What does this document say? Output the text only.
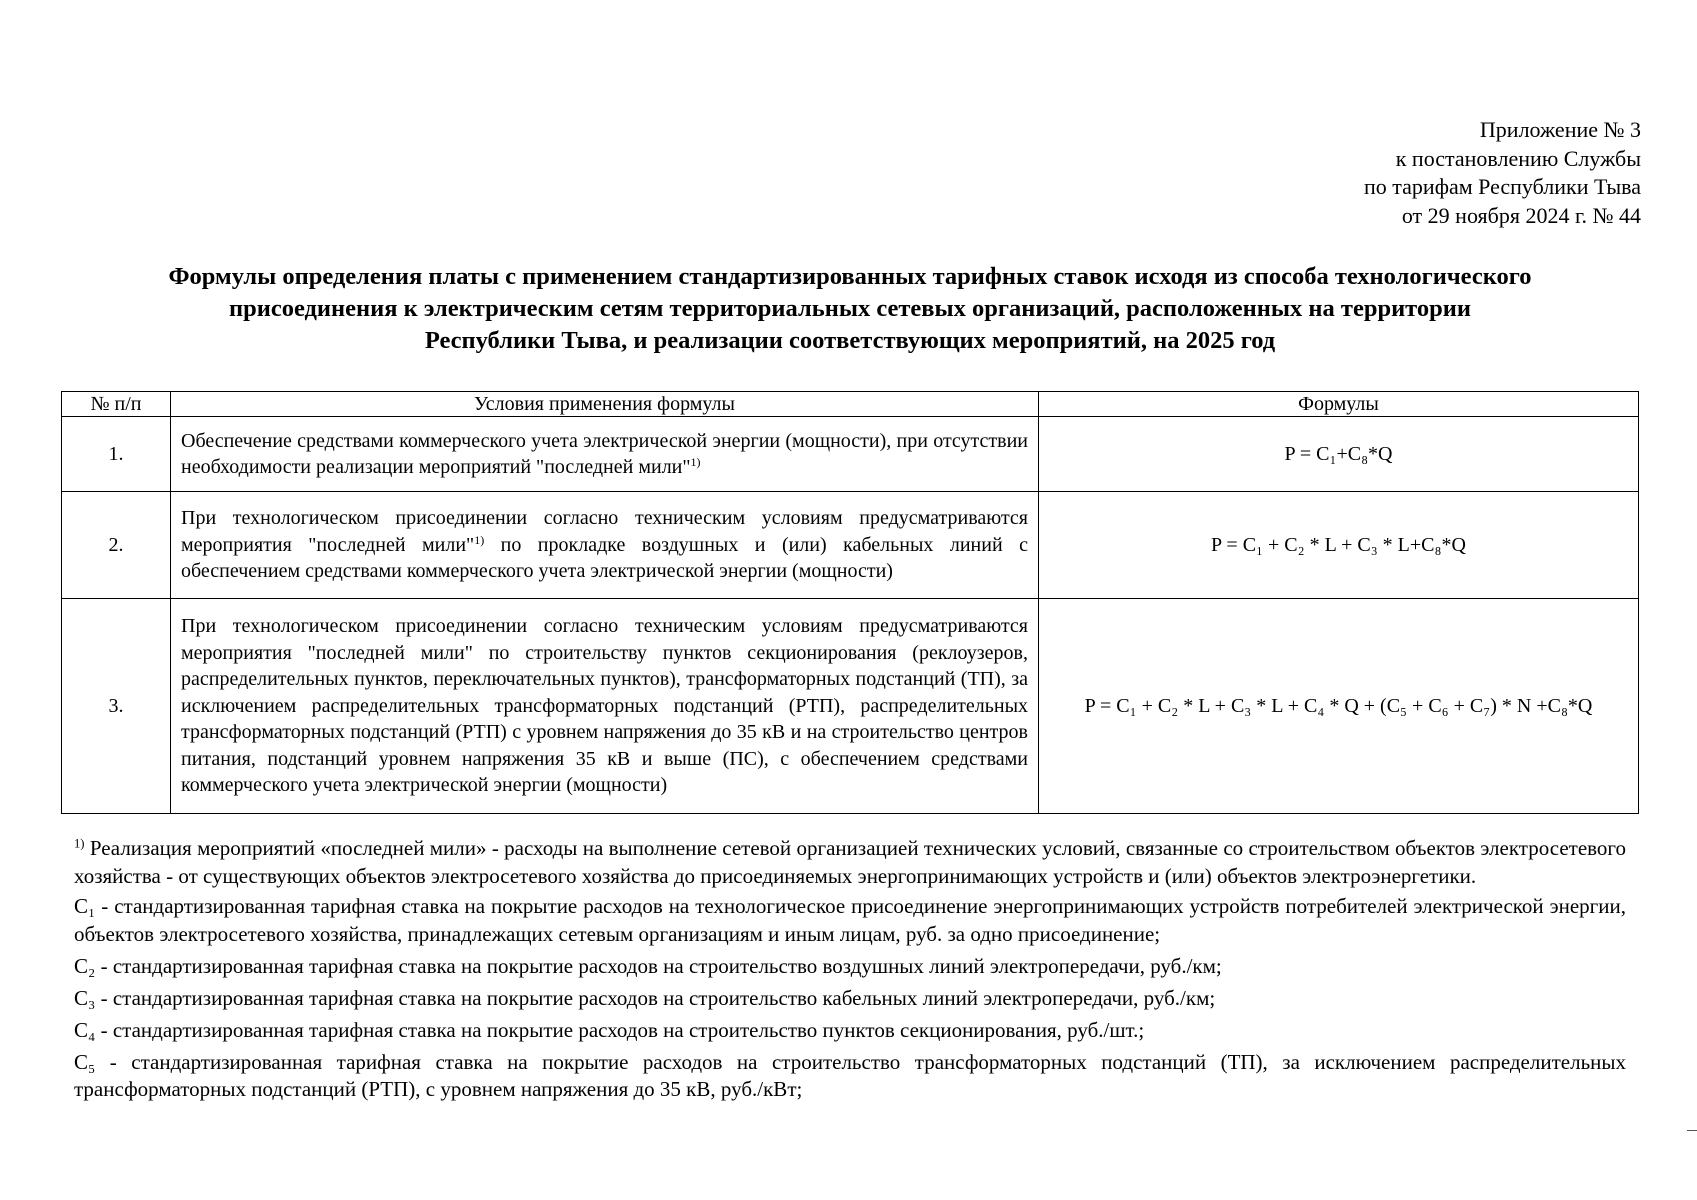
Приложение № 3
к постановлению Службы
по тарифам Республики Тыва
от 29 ноября 2024 г. № 44
Формулы определения платы с применением стандартизированных тарифных ставок исходя из способа технологического
присоединения к электрическим сетям территориальных сетевых организаций, расположенных на территории
Республики Тыва, и реализации соответствующих мероприятий, на 2025 год
№ п/п	Условия применения формулы	Формулы
1.	Обеспечение средствами коммерческого учета электрической энергии (мощности), при отсутствии необходимости реализации мероприятий "последней мили"$^{1)}$	P = C₁+C₈*Q
2.	При технологическом присоединении согласно техническим условиям предусматриваются мероприятия "последней мили"$^{1)}$ по прокладке воздушных и (или) кабельных линий с обеспечением средствами коммерческого учета электрической энергии (мощности)	P = C₁ + C₂ * L + C₃ * L+C₈*Q
3.	При технологическом присоединении согласно техническим условиям предусматриваются мероприятия "последней мили" по строительству пунктов секционирования (реклоузеров, распределительных пунктов, переключательных пунктов), трансформаторных подстанций (ТП), за исключением распределительных трансформаторных подстанций (РТП), распределительных трансформаторных подстанций (РТП) с уровнем напряжения до 35 кВ и на строительство центров питания, подстанций уровнем напряжения 35 кВ и выше (ПС), с обеспечением средствами коммерческого учета электрической энергии (мощности)	P = C₁ + C₂ * L + C₃ * L + C₄ * Q + (C₅ + C₆ + C₇) * N +C₈*Q

$^{1)}$ Реализация мероприятий «последней мили» - расходы на выполнение сетевой организацией технических условий, связанные со строительством объектов электросетевого хозяйства - от существующих объектов электросетевого хозяйства до присоединяемых энергопринимающих устройств и (или) объектов электроэнергетики.

C₁ - стандартизированная тарифная ставка на покрытие расходов на технологическое присоединение энергопринимающих устройств потребителей электрической энергии, объектов электросетевого хозяйства, принадлежащих сетевым организациям и иным лицам, руб. за одно присоединение;

C₂ - стандартизированная тарифная ставка на покрытие расходов на строительство воздушных линий электропередачи, руб./км;

C₃ - стандартизированная тарифная ставка на покрытие расходов на строительство кабельных линий электропередачи, руб./км;

C₄ - стандартизированная тарифная ставка на покрытие расходов на строительство пунктов секционирования, руб./шт.;

C₅ - стандартизированная тарифная ставка на покрытие расходов на строительство трансформаторных подстанций (ТП), за исключением распределительных трансформаторных подстанций (РТП), с уровнем напряжения до 35 кВ, руб./кВт;
